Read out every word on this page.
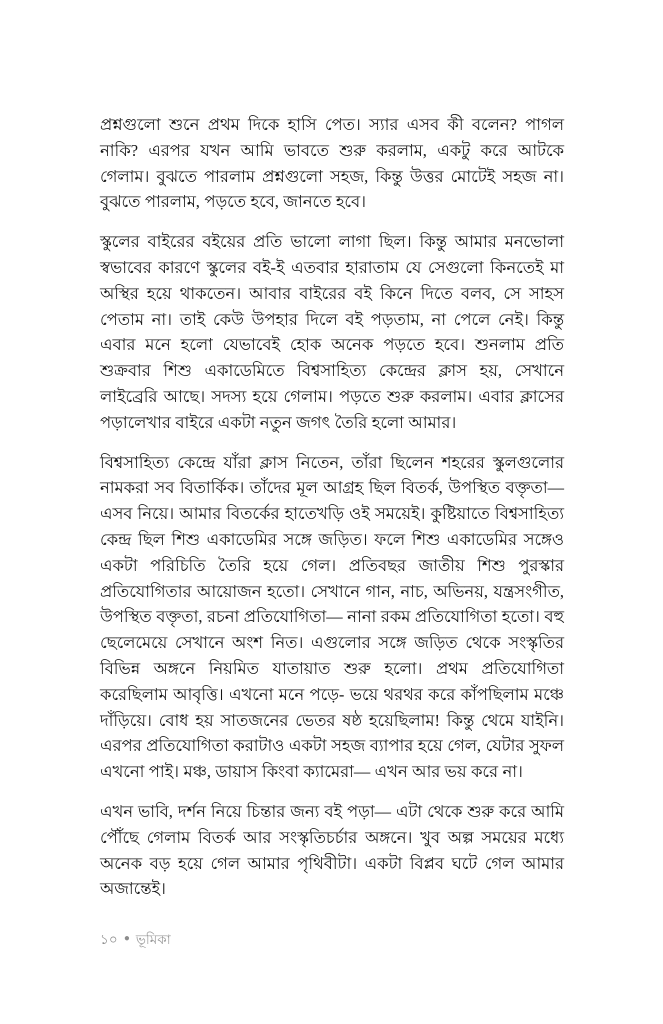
প্রশ্নগুলো শুনে প্রথম দিকে হাসি পেত। স্যার এসব কী বলেন? পাগল নাকি? এরপর যখন আমি ভাবতে শুরু করলাম, একটু করে আটকে গেলাম। বুঝতে পারলাম প্রশ্নগুলো সহজ, কিন্তু উত্তর মোটেই সহজ না। বুঝতে পারলাম, পড়তে হবে, জানতে হবে।

স্কুলের বাইরের বইয়ের প্রতি ভালো লাগা ছিল। কিন্তু আমার মনভোলা স্বভাবের কারণে স্কুলের বই-ই এতবার হারাতাম যে সেগুলো কিনতেই মা অস্থির হয়ে থাকতেন। আবার বাইরের বই কিনে দিতে বলব, সে সাহস পেতাম না। তাই কেউ উপহার দিলে বই পড়তাম, না পেলে নেই। কিন্তু এবার মনে হলো যেভাবেই হোক অনেক পড়তে হবে। শুনলাম প্রতি শুক্রবার শিশু একাডেমিতে বিশ্বসাহিত্য কেন্দ্রের ক্লাস হয়, সেখানে লাইব্রেরি আছে। সদস্য হয়ে গেলাম। পড়তে শুরু করলাম। এবার ক্লাসের পড়ালেখার বাইরে একটা নতুন জগৎ তৈরি হলো আমার।

বিশ্বসাহিত্য কেন্দ্রে যাঁরা ক্লাস নিতেন, তাঁরা ছিলেন শহরের স্কুলগুলোর নামকরা সব বিতার্কিক। তাঁদের মূল আগ্রহ ছিল বিতর্ক, উপস্থিত বক্তৃতা— এসব নিয়ে। আমার বিতর্কের হাতেখড়ি ওই সময়েই। কুষ্টিয়াতে বিশ্বসাহিত্য কেন্দ্র ছিল শিশু একাডেমির সঙ্গে জড়িত। ফলে শিশু একাডেমির সঙ্গেও একটা পরিচিতি তৈরি হয়ে গেল। প্রতিবছর জাতীয় শিশু পুরস্কার প্রতিযোগিতার আয়োজন হতো। সেখানে গান, নাচ, অভিনয়, যন্ত্রসংগীত, উপস্থিত বক্তৃতা, রচনা প্রতিযোগিতা— নানা রকম প্রতিযোগিতা হতো। বহু ছেলেমেয়ে সেখানে অংশ নিত। এগুলোর সঙ্গে জড়িত থেকে সংস্কৃতির বিভিন্ন অঙ্গনে নিয়মিত যাতায়াত শুরু হলো। প্রথম প্রতিযোগিতা করেছিলাম আবৃত্তি। এখনো মনে পড়ে- ভয়ে থরথর করে কাঁপছিলাম মঞ্চে দাঁড়িয়ে। বোধ হয় সাতজনের ভেতর ষষ্ঠ হয়েছিলাম! কিন্তু থেমে যাইনি। এরপর প্রতিযোগিতা করাটাও একটা সহজ ব্যাপার হয়ে গেল, যেটার সুফল এখনো পাই। মঞ্চ, ডায়াস কিংবা ক্যামেরা— এখন আর ভয় করে না।

এখন ভাবি, দর্শন নিয়ে চিন্তার জন্য বই পড়া— এটা থেকে শুরু করে আমি পৌঁছে গেলাম বিতর্ক আর সংস্কৃতিচর্চার অঙ্গনে। খুব অল্প সময়ের মধ্যে অনেক বড় হয়ে গেল আমার পৃথিবীটা। একটা বিপ্লব ঘটে গেল আমার অজান্তেই।

১০ ● ভূমিকা
